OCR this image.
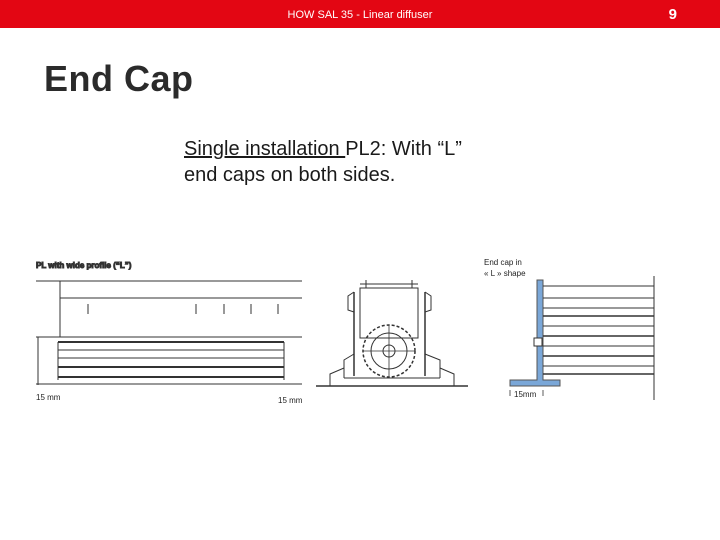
HOW SAL 35 - Linear diffuser	9
End Cap
Single installation PL2: With “L” end caps on both sides.
PL with wide profile (“L”)
15 mm	15 mm
End cap in
« L » shape
15mm
